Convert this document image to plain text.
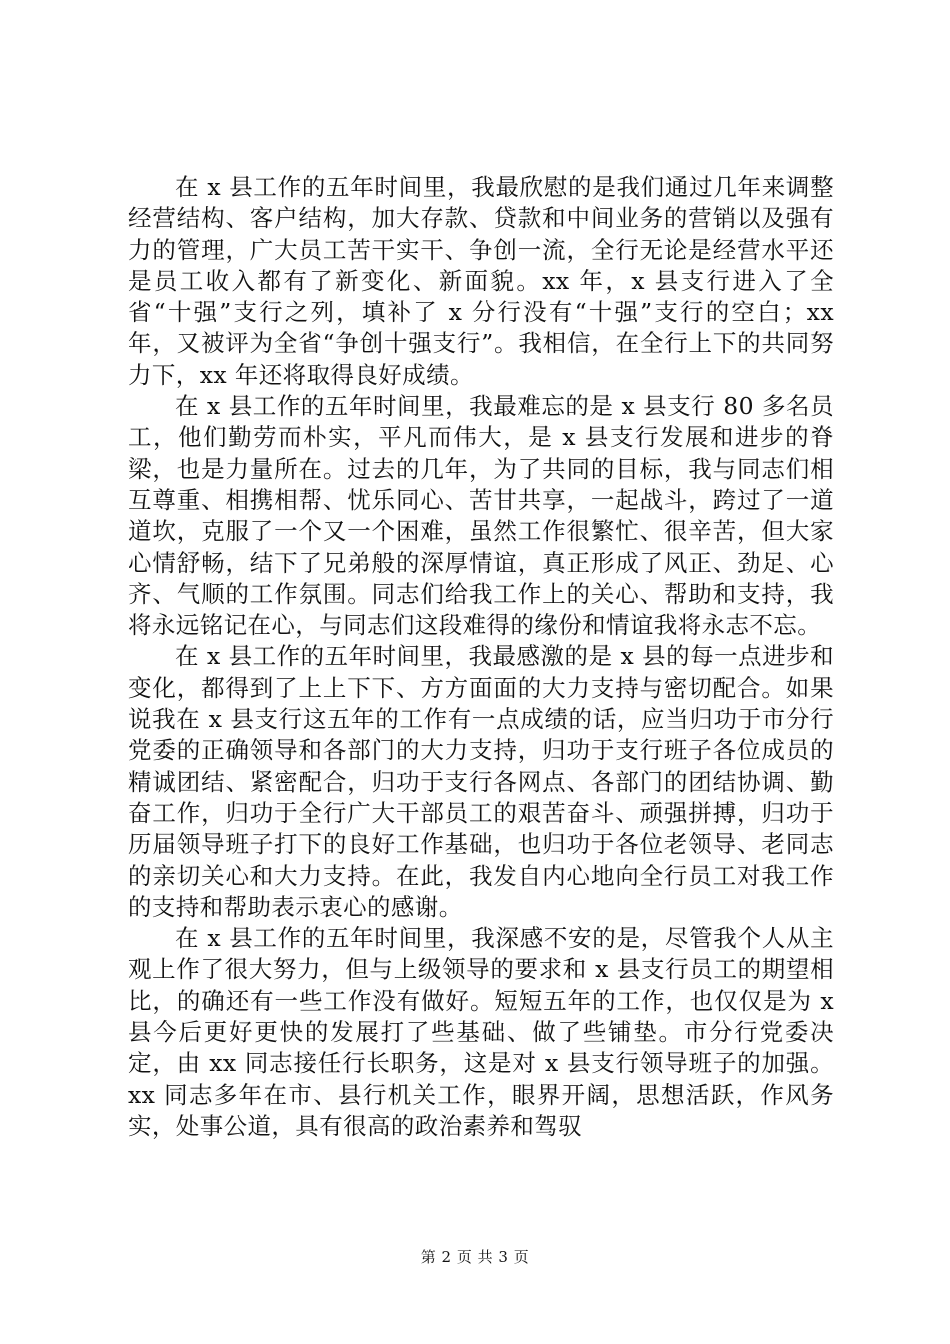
在 x 县工作的五年时间里，我最欣慰的是我们通过几年来调整经营结构、客户结构，加大存款、贷款和中间业务的营销以及强有力的管理，广大员工苦干实干、争创一流，全行无论是经营水平还是员工收入都有了新变化、新面貌。xx 年，x 县支行进入了全省“十强”支行之列，填补了 x 分行没有“十强”支行的空白；xx 年，又被评为全省“争创十强支行”。我相信，在全行上下的共同努力下，xx 年还将取得良好成绩。

在 x 县工作的五年时间里，我最难忘的是 x 县支行 80 多名员工，他们勤劳而朴实，平凡而伟大，是 x 县支行发展和进步的脊梁，也是力量所在。过去的几年，为了共同的目标，我与同志们相互尊重、相携相帮、忧乐同心、苦甘共享，一起战斗，跨过了一道道坎，克服了一个又一个困难，虽然工作很繁忙、很辛苦，但大家心情舒畅，结下了兄弟般的深厚情谊，真正形成了风正、劲足、心齐、气顺的工作氛围。同志们给我工作上的关心、帮助和支持，我将永远铭记在心，与同志们这段难得的缘份和情谊我将永志不忘。

在 x 县工作的五年时间里，我最感激的是 x 县的每一点进步和变化，都得到了上上下下、方方面面的大力支持与密切配合。如果说我在 x 县支行这五年的工作有一点成绩的话，应当归功于市分行党委的正确领导和各部门的大力支持，归功于支行班子各位成员的精诚团结、紧密配合，归功于支行各网点、各部门的团结协调、勤奋工作，归功于全行广大干部员工的艰苦奋斗、顽强拼搏，归功于历届领导班子打下的良好工作基础，也归功于各位老领导、老同志的亲切关心和大力支持。在此，我发自内心地向全行员工对我工作的支持和帮助表示衷心的感谢。

在 x 县工作的五年时间里，我深感不安的是，尽管我个人从主观上作了很大努力，但与上级领导的要求和 x 县支行员工的期望相比，的确还有一些工作没有做好。短短五年的工作，也仅仅是为 x 县今后更好更快的发展打了些基础、做了些铺垫。市分行党委决定，由 xx 同志接任行长职务，这是对 x 县支行领导班子的加强。xx 同志多年在市、县行机关工作，眼界开阔，思想活跃，作风务实，处事公道，具有很高的政治素养和驾驭

第 2 页 共 3 页
